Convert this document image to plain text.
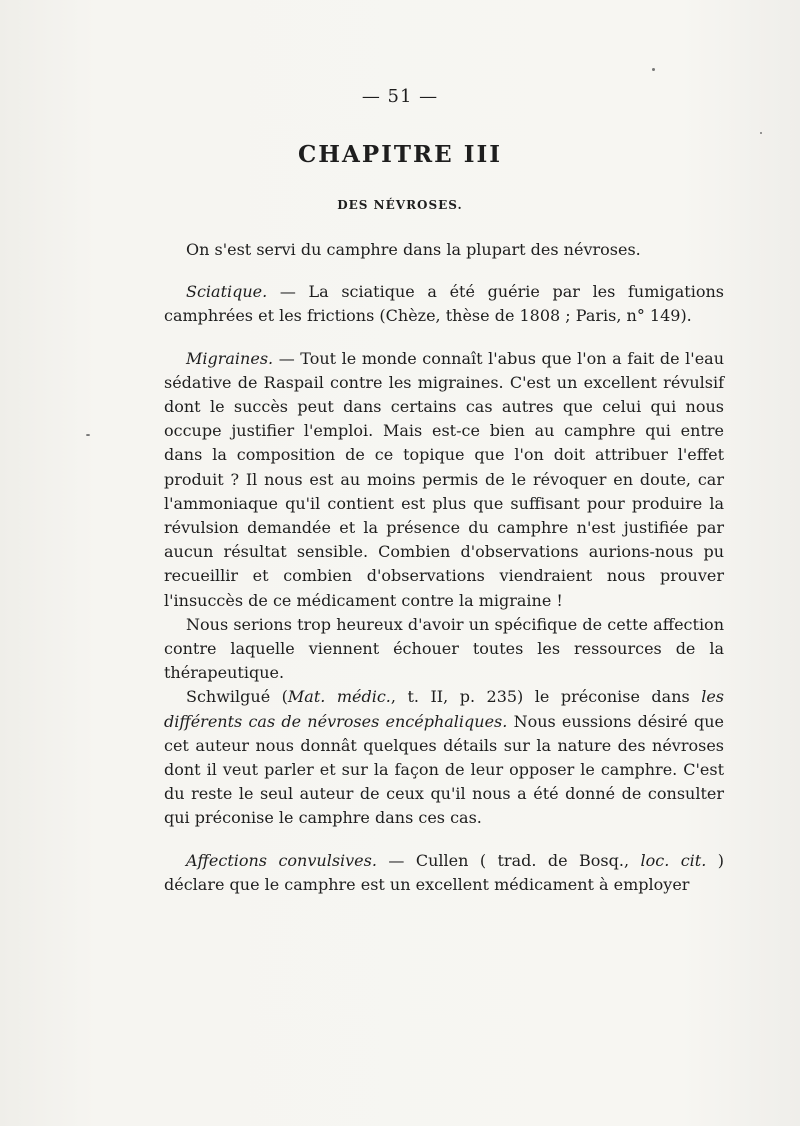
— 51 —
CHAPITRE III
DES NÉVROSES.

On s'est servi du camphre dans la plupart des névroses.

Sciatique. — La sciatique a été guérie par les fumigations camphrées et les frictions (Chèze, thèse de 1808 ; Paris, n° 149).

Migraines. — Tout le monde connaît l'abus que l'on a fait de l'eau sédative de Raspail contre les migraines. C'est un excellent révulsif dont le succès peut dans certains cas autres que celui qui nous occupe justifier l'emploi. Mais est-ce bien au camphre qui entre dans la composition de ce topique que l'on doit attribuer l'effet produit ? Il nous est au moins permis de le révoquer en doute, car l'ammoniaque qu'il contient est plus que suffisant pour produire la révulsion demandée et la présence du camphre n'est justifiée par aucun résultat sensible. Combien d'observations aurions-nous pu recueillir et combien d'observations viendraient nous prouver l'insuccès de ce médicament contre la migraine !

Nous serions trop heureux d'avoir un spécifique de cette affection contre laquelle viennent échouer toutes les ressources de la thérapeutique.

Schwilgué (Mat. médic., t. II, p. 235) le préconise dans les différents cas de névroses encéphaliques. Nous eussions désiré que cet auteur nous donnât quelques détails sur la nature des névroses dont il veut parler et sur la façon de leur opposer le camphre. C'est du reste le seul auteur de ceux qu'il nous a été donné de consulter qui préconise le camphre dans ces cas.

Affections convulsives. — Cullen ( trad. de Bosq., loc. cit. ) déclare que le camphre est un excellent médicament à employer
